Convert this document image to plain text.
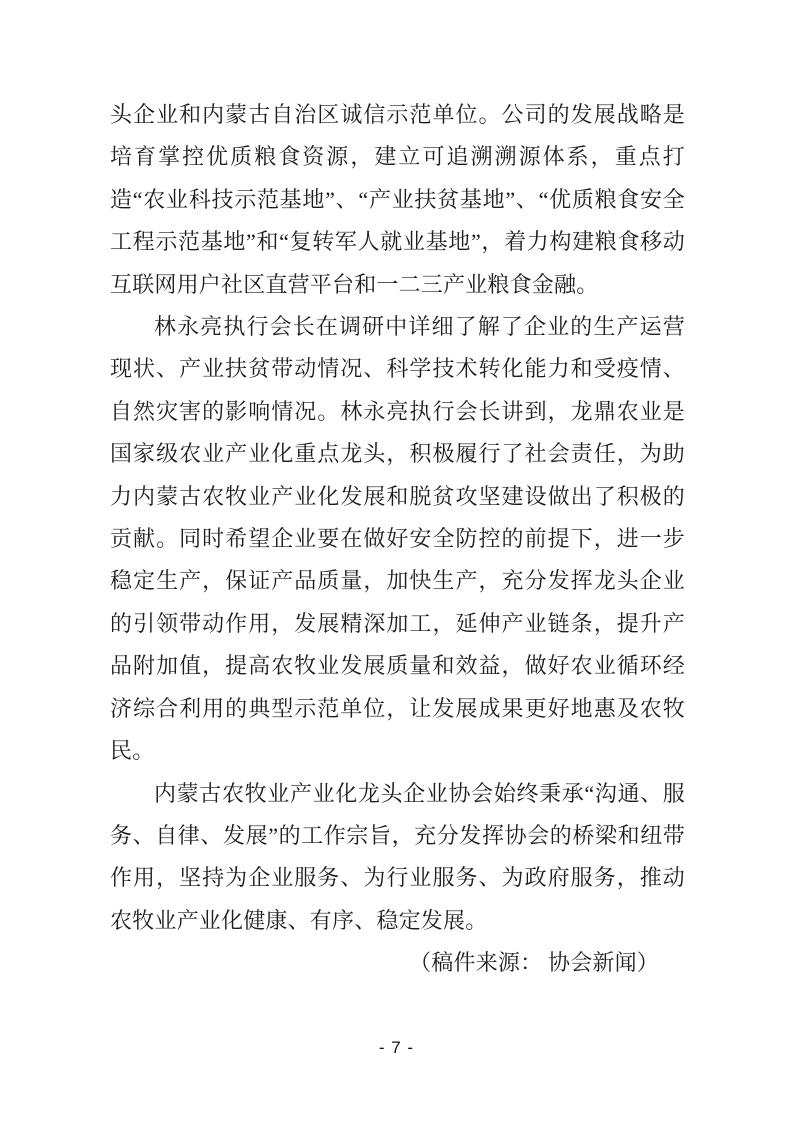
头企业和内蒙古自治区诚信示范单位。公司的发展战略是培育掌控优质粮食资源，建立可追溯溯源体系，重点打造“农业科技示范基地”、“产业扶贫基地”、“优质粮食安全工程示范基地”和“复转军人就业基地”，着力构建粮食移动互联网用户社区直营平台和一二三产业粮食金融。

林永亮执行会长在调研中详细了解了企业的生产运营现状、产业扶贫带动情况、科学技术转化能力和受疫情、自然灾害的影响情况。林永亮执行会长讲到，龙鼎农业是国家级农业产业化重点龙头，积极履行了社会责任，为助力内蒙古农牧业产业化发展和脱贫攻坚建设做出了积极的贡献。同时希望企业要在做好安全防控的前提下，进一步稳定生产，保证产品质量，加快生产，充分发挥龙头企业的引领带动作用，发展精深加工，延伸产业链条，提升产品附加值，提高农牧业发展质量和效益，做好农业循环经济综合利用的典型示范单位，让发展成果更好地惠及农牧民。

内蒙古农牧业产业化龙头企业协会始终秉承“沟通、服务、自律、发展”的工作宗旨，充分发挥协会的桥梁和纽带作用，坚持为企业服务、为行业服务、为政府服务，推动农牧业产业化健康、有序、稳定发展。

（稿件来源： 协会新闻）

- 7 -
